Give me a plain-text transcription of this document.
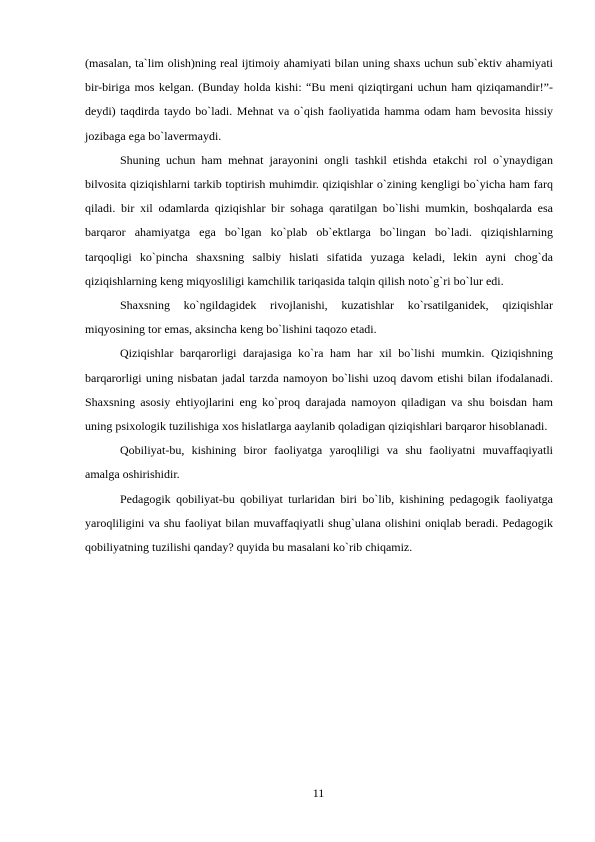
(masalan, ta`lim olish)ning real ijtimoiy ahamiyati bilan uning shaxs uchun sub`ektiv ahamiyati bir-biriga mos kelgan. (Bunday holda kishi: “Bu meni qiziqtirgani uchun ham qiziqamandir!”-deydi) taqdirda taydo bo`ladi. Mehnat va o`qish faoliyatida hamma odam ham bevosita hissiy jozibaga ega bo`lavermaydi.

Shuning uchun ham mehnat jarayonini ongli tashkil etishda etakchi rol o`ynaydigan bilvosita qiziqishlarni tarkib toptirish muhimdir. qiziqishlar o`zining kengligi bo`yicha ham farq qiladi. bir xil odamlarda qiziqishlar bir sohaga qaratilgan bo`lishi mumkin, boshqalarda esa barqaror ahamiyatga ega bo`lgan ko`plab ob`ektlarga bo`lingan bo`ladi. qiziqishlarning tarqoqligi ko`pincha shaxsning salbiy hislati sifatida yuzaga keladi, lekin ayni chog`da qiziqishlarning keng miqyosliligi kamchilik tariqasida talqin qilish noto`g`ri bo`lur edi.

Shaxsning ko`ngildagidek rivojlanishi, kuzatishlar ko`rsatilganidek, qiziqishlar miqyosining tor emas, aksincha keng bo`lishini taqozo etadi.

Qiziqishlar barqarorligi darajasiga ko`ra ham har xil bo`lishi mumkin. Qiziqishning barqarorligi uning nisbatan jadal tarzda namoyon bo`lishi uzoq davom etishi bilan ifodalanadi. Shaxsning asosiy ehtiyojlarini eng ko`proq darajada namoyon qiladigan va shu boisdan ham uning psixologik tuzilishiga xos hislatlarga aaylanib qoladigan qiziqishlari barqaror hisoblanadi.

Qobiliyat-bu, kishining biror faoliyatga yaroqliligi va shu faoliyatni muvaffaqiyatli amalga oshirishidir.

Pedagogik qobiliyat-bu qobiliyat turlaridan biri bo`lib, kishining pedagogik faoliyatga yaroqliligini va shu faoliyat bilan muvaffaqiyatli shug`ulana olishini oniqlab beradi. Pedagogik qobiliyatning tuzilishi qanday? quyida bu masalani ko`rib chiqamiz.

11
